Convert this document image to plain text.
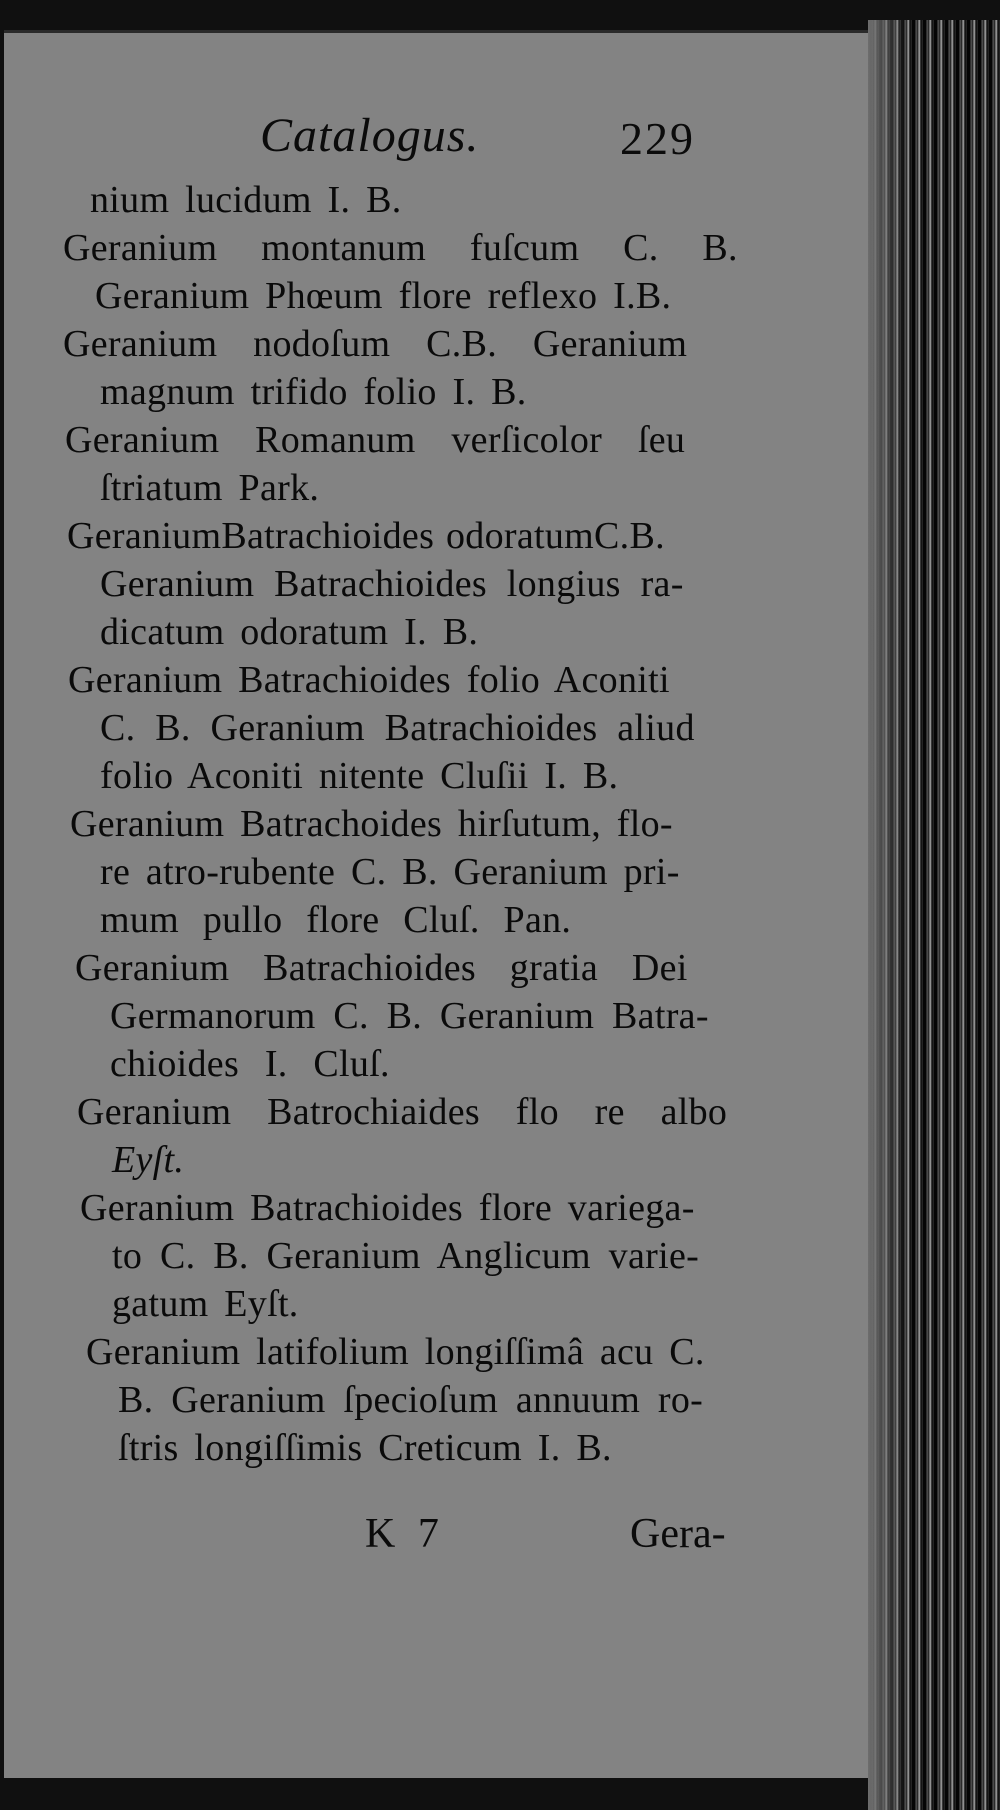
Catalogus.	229
nium lucidum I. B.
Geranium montanum fuſcum C. B.
Geranium Phœum flore reflexo I.B.
Geranium nodoſum C.B. Geranium
magnum trifido folio I. B.
Geranium Romanum verſicolor ſeu
ſtriatum Park.
GeraniumBatrachioides odoratumC.B.
Geranium Batrachioides longius ra-
dicatum odoratum I. B.
Geranium Batrachioides folio Aconiti
C. B. Geranium Batrachioides aliud
folio Aconiti nitente Cluſii I. B.
Geranium Batrachoides hirſutum, flo-
re atro-rubente C. B. Geranium pri-
mum pullo flore Cluſ. Pan.
Geranium Batrachioides gratia Dei
Germanorum C. B. Geranium Batra-
chioides I. Cluſ.
Geranium Batrochiaides flo re albo
Eyſt.
Geranium Batrachioides flore variega-
to C. B. Geranium Anglicum varie-
gatum Eyſt.
Geranium latifolium longiſſimâ acu C.
B. Geranium ſpecioſum annuum ro-
ſtris longiſſimis Creticum I. B.
K 7	Gera-
